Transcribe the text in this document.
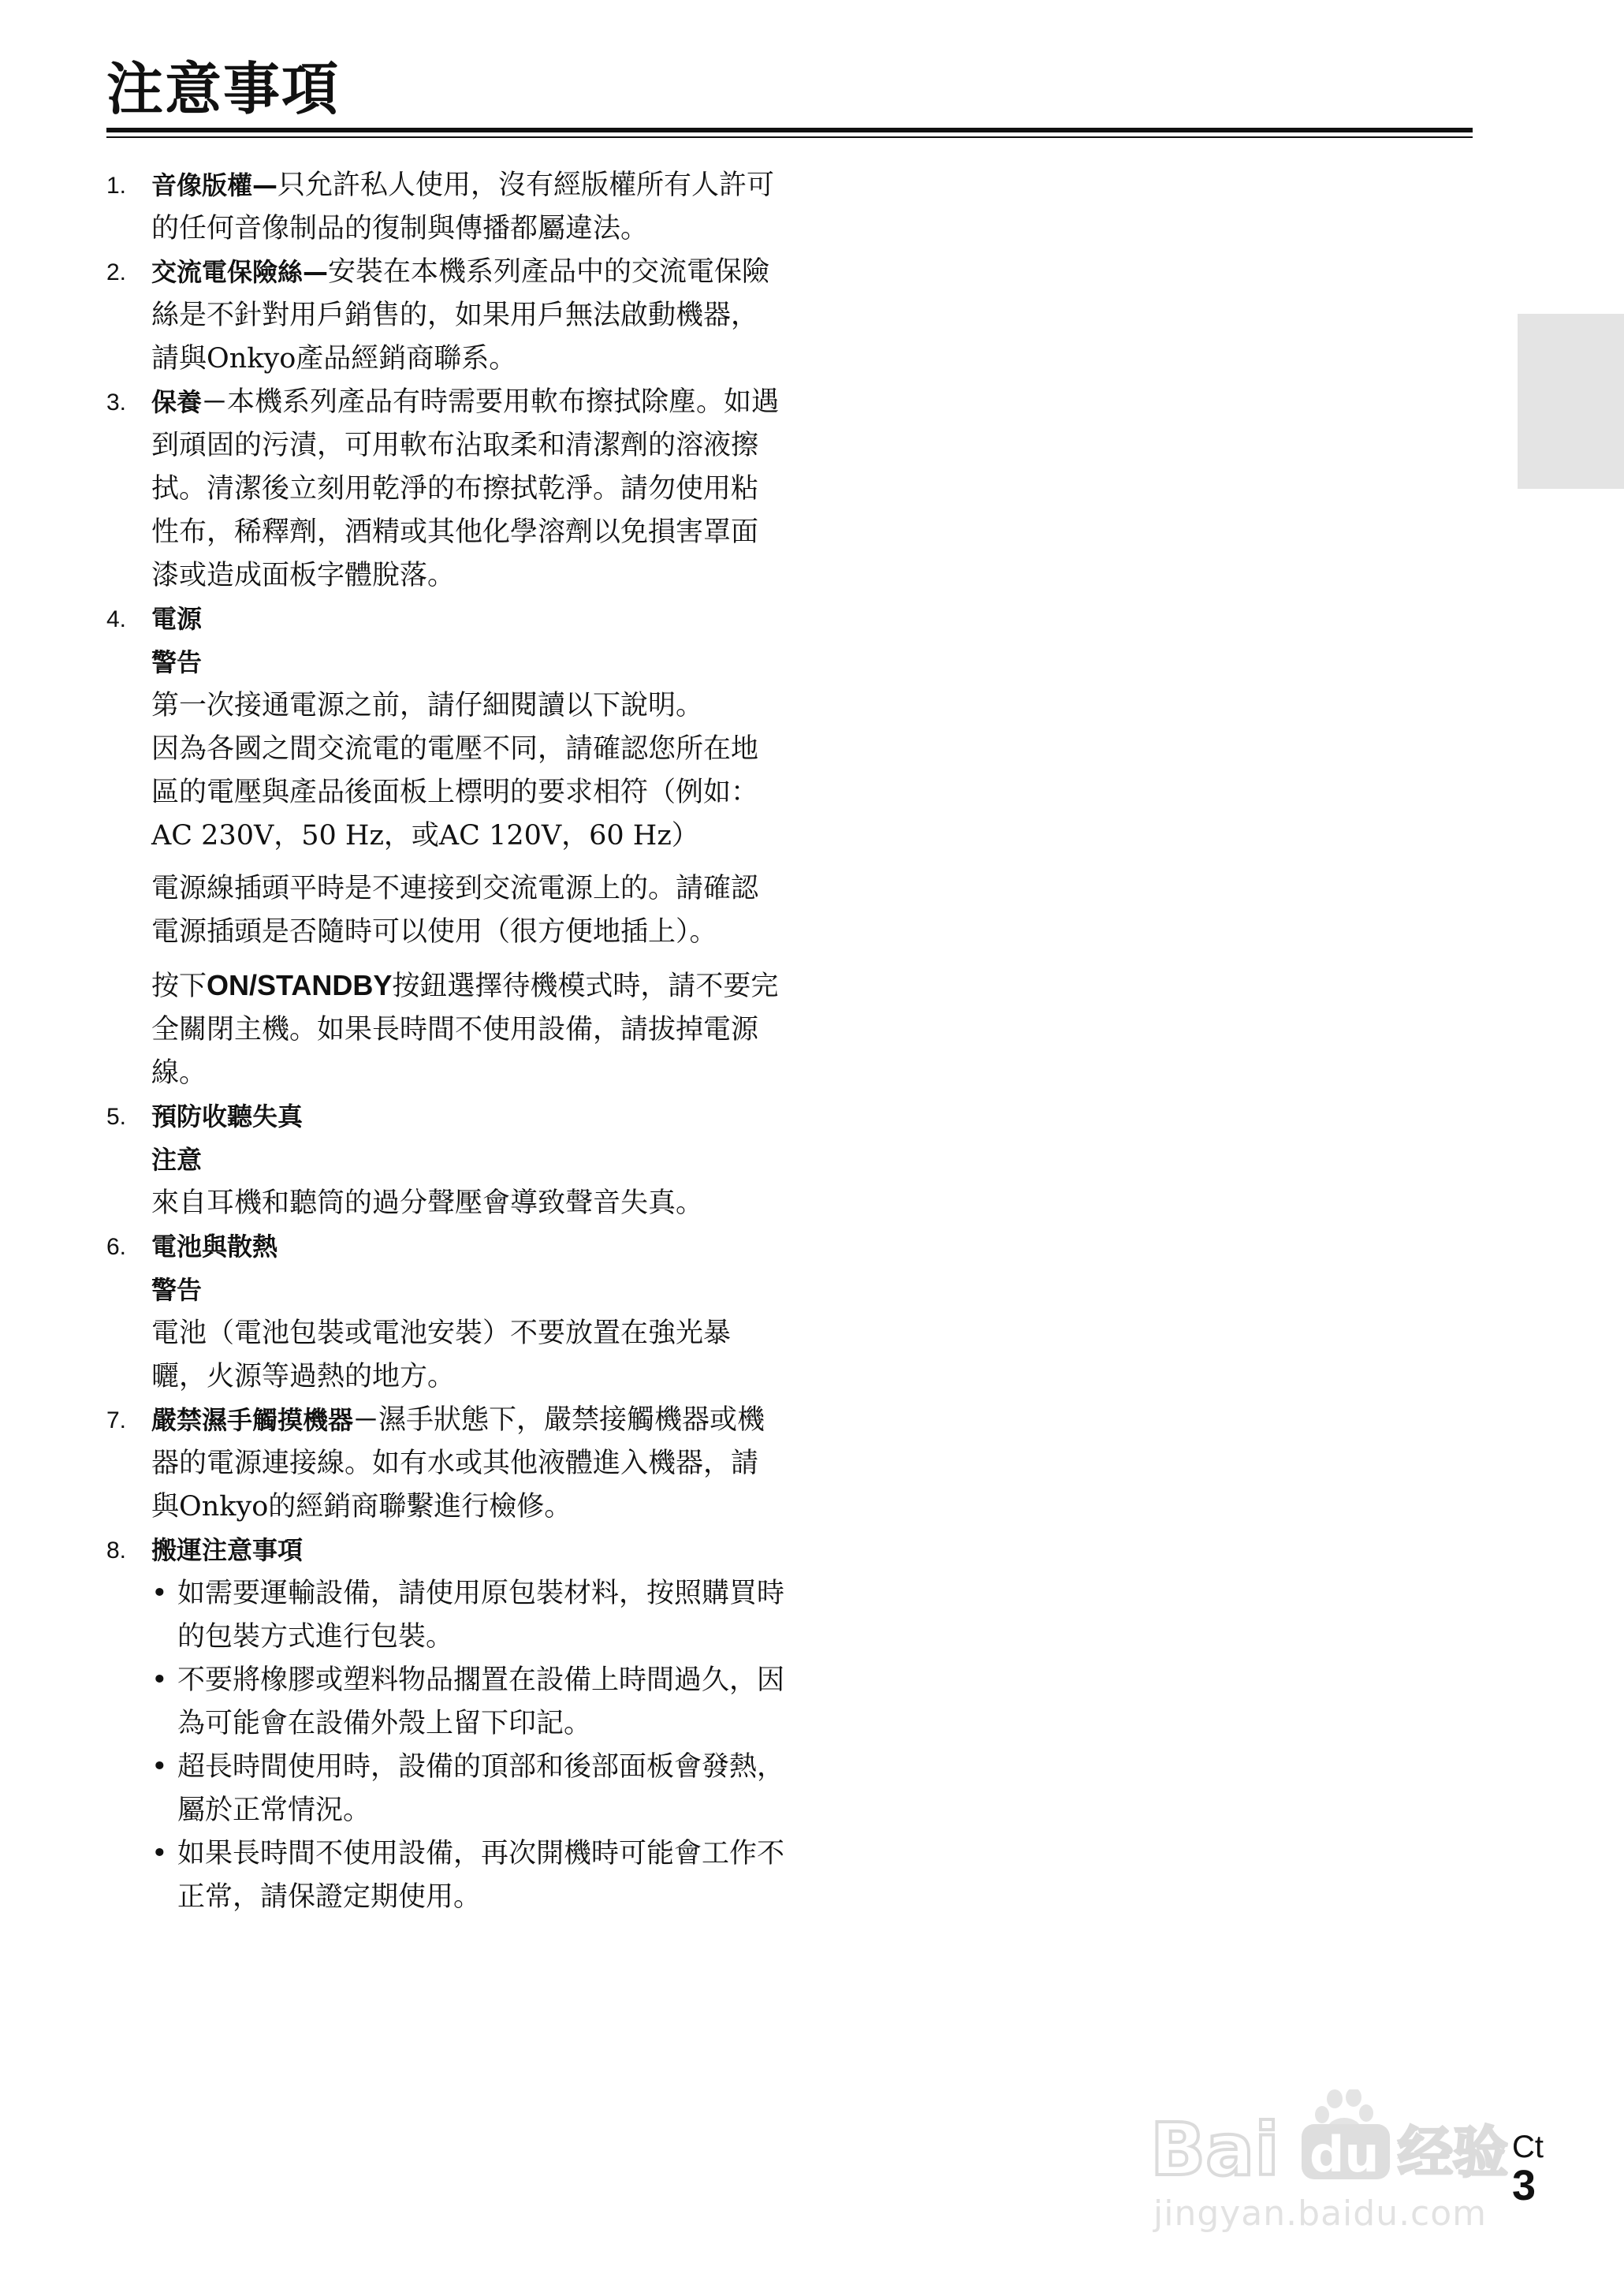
注意事項
1. 音像版權—只允許私人使用，沒有經版權所有人許可的任何音像制品的復制與傳播都屬違法。
2. 交流電保險絲—安裝在本機系列產品中的交流電保險絲是不針對用戶銷售的，如果用戶無法啟動機器，請與Onkyo產品經銷商聯系。
3. 保養－本機系列產品有時需要用軟布擦拭除塵。如遇到頑固的污漬，可用軟布沾取柔和清潔劑的溶液擦拭。清潔後立刻用乾淨的布擦拭乾淨。請勿使用粘性布，稀釋劑，酒精或其他化學溶劑以免損害罩面漆或造成面板字體脫落。
4. 電源
警告
第一次接通電源之前，請仔細閱讀以下說明。
因為各國之間交流電的電壓不同，請確認您所在地區的電壓與產品後面板上標明的要求相符（例如：AC 230V，50 Hz，或AC 120V，60 Hz）
電源線插頭平時是不連接到交流電源上的。請確認電源插頭是否隨時可以使用（很方便地插上）。
按下ON/STANDBY按鈕選擇待機模式時，請不要完全關閉主機。如果長時間不使用設備，請拔掉電源線。
5. 預防收聽失真
注意
來自耳機和聽筒的過分聲壓會導致聲音失真。
6. 電池與散熱
警告
電池（電池包裝或電池安裝）不要放置在強光暴曬，火源等過熱的地方。
7. 嚴禁濕手觸摸機器－濕手狀態下，嚴禁接觸機器或機器的電源連接線。如有水或其他液體進入機器，請與Onkyo的經銷商聯繫進行檢修。
8. 搬運注意事項
• 如需要運輸設備，請使用原包裝材料，按照購買時的包裝方式進行包裝。
• 不要將橡膠或塑料物品擱置在設備上時間過久，因為可能會在設備外殼上留下印記。
• 超長時間使用時，設備的頂部和後部面板會發熱，屬於正常情況。
• 如果長時間不使用設備，再次開機時可能會工作不正常，請保證定期使用。
Bai du 经验
jingyan.baidu.com
Ct
3
